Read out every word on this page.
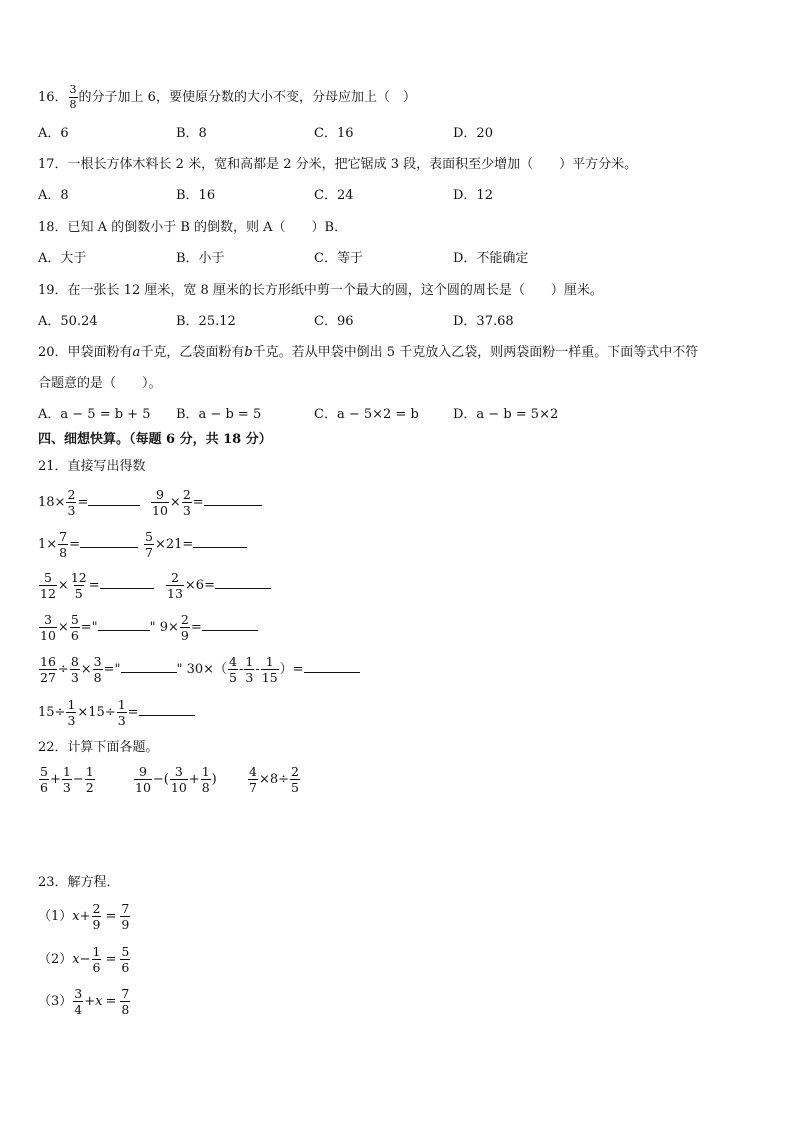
16． $\frac{3}{8}$ 的分子加上 6，要使原分数的大小不变，分母应加上（　）
A．6	B．8	C．16	D．20
17．一根长方体木料长 2 米，宽和高都是 2 分米，把它锯成 3 段，表面积至少增加（　　）平方分米。
A．8	B．16	C．24	D．12
18．已知 A 的倒数小于 B 的倒数，则 A（　　）B．
A．大于	B．小于	C．等于	D．不能确定
19．在一张长 12 厘米，宽 8 厘米的长方形纸中剪一个最大的圆，这个圆的周长是（　　）厘米。
A．50.24	B．25.12	C．96	D．37.68
20．甲袋面粉有a千克，乙袋面粉有b千克。若从甲袋中倒出 5 千克放入乙袋，则两袋面粉一样重。下面等式中不符
合题意的是（　　）。
A．a − 5 = b + 5 B．a − b = 5	C．a − 5×2 = b	D．a − b = 5×2
四、细想快算。（每题 6 分，共 18 分）
21．直接写出得数
$18\times \frac{2}{3}$ =	$\frac{9}{10} \times \frac{2}{3}$ =
$1\times \frac{7}{8}$ =	$\frac{5}{7} \times 21=$
$\frac{5}{12} \times \frac{12}{5}$ =	$\frac{2}{13} \times 6=$
$\frac{3}{10} \times \frac{5}{6}$ ="	" $9\times \frac{2}{9}$ =
$\frac{16}{27} \div \frac{8}{3} \times \frac{3}{8}$ ="	" $30\times( \frac{4}{5} - \frac{1}{3} - \frac{1}{15}$ ）=
$15\div \frac{1}{3} \times 15\div \frac{1}{3}$ =
22．计算下面各题。
$\frac{5}{6} + \frac{1}{3} - \frac{1}{2}$	$\frac{9}{10}$ −( $\frac{3}{10} + \frac{1}{8}$ )	$\frac{4}{7} \times 8\div \frac{2}{5}$
23．解方程．
$(1)x+ \frac{2}{9} = \frac{7}{9}$
$(2)x- \frac{1}{6} = \frac{5}{6}$
$(3) \frac{3}{4} +x = \frac{7}{8}$
